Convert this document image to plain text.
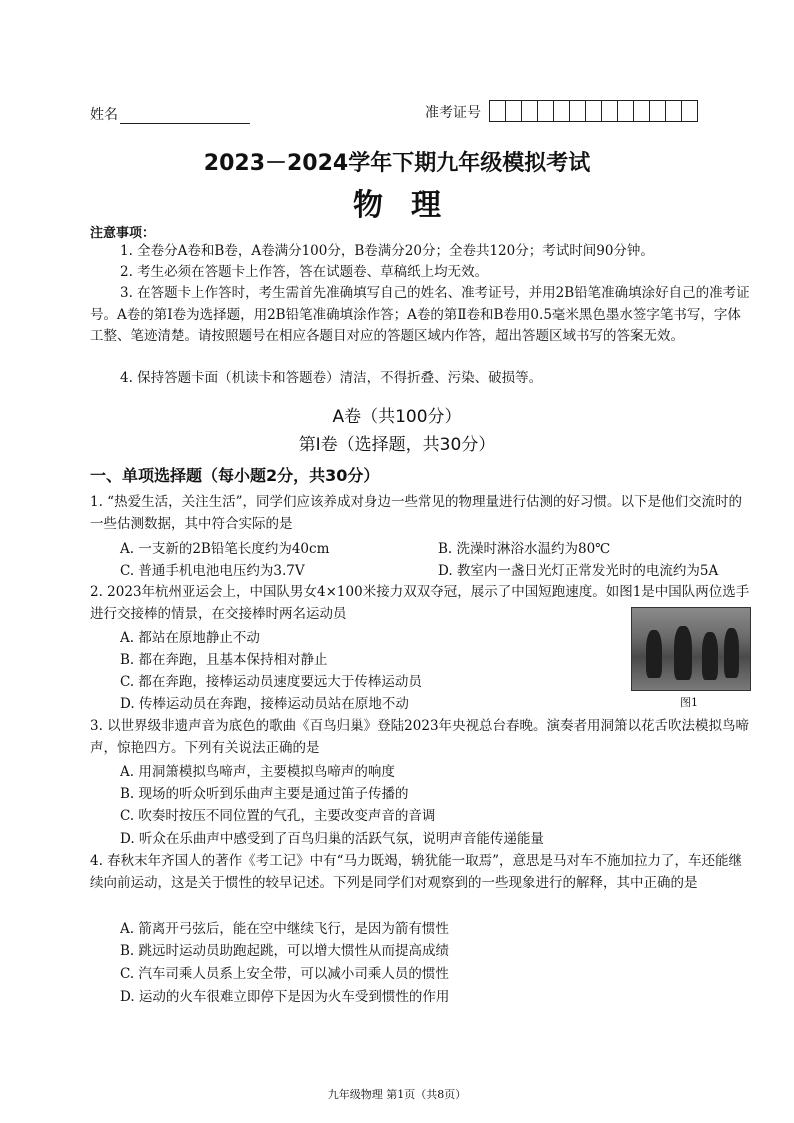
姓名	准考证号
2023－2024学年下期九年级模拟考试
物理
注意事项：
1. 全卷分A卷和B卷，A卷满分100分，B卷满分20分；全卷共120分；考试时间90分钟。
2. 考生必须在答题卡上作答，答在试题卷、草稿纸上均无效。
3. 在答题卡上作答时，考生需首先准确填写自己的姓名、准考证号，并用2B铅笔准确填涂好自己的准考证号。A卷的第Ⅰ卷为选择题，用2B铅笔准确填涂作答；A卷的第Ⅱ卷和B卷用0.5毫米黑色墨水签字笔书写，字体工整、笔迹清楚。请按照题号在相应各题目对应的答题区域内作答，超出答题区域书写的答案无效。
4. 保持答题卡面（机读卡和答题卷）清洁，不得折叠、污染、破损等。
A卷（共100分）
第Ⅰ卷（选择题，共30分）
一、单项选择题（每小题2分，共30分）
1. “热爱生活，关注生活”，同学们应该养成对身边一些常见的物理量进行估测的好习惯。以下是他们交流时的一些估测数据，其中符合实际的是
A. 一支新的2B铅笔长度约为40cm	B. 洗澡时淋浴水温约为80℃
C. 普通手机电池电压约为3.7V	D. 教室内一盏日光灯正常发光时的电流约为5A
2. 2023年杭州亚运会上，中国队男女4×100米接力双双夺冠，展示了中国短跑速度。如图1是中国队两位选手进行交接棒的情景，在交接棒时两名运动员
A. 都站在原地静止不动
B. 都在奔跑，且基本保持相对静止
C. 都在奔跑，接棒运动员速度要远大于传棒运动员
D. 传棒运动员在奔跑，接棒运动员站在原地不动	图1
3. 以世界级非遗声音为底色的歌曲《百鸟归巢》登陆2023年央视总台春晚。演奏者用洞箫以花舌吹法模拟鸟啼声，惊艳四方。下列有关说法正确的是
A. 用洞箫模拟鸟啼声，主要模拟鸟啼声的响度
B. 现场的听众听到乐曲声主要是通过笛子传播的
C. 吹奏时按压不同位置的气孔，主要改变声音的音调
D. 听众在乐曲声中感受到了百鸟归巢的活跃气氛，说明声音能传递能量
4. 春秋末年齐国人的著作《考工记》中有“马力既竭，辀犹能一取焉”，意思是马对车不施加拉力了，车还能继续向前运动，这是关于惯性的较早记述。下列是同学们对观察到的一些现象进行的解释，其中正确的是
A. 箭离开弓弦后，能在空中继续飞行，是因为箭有惯性
B. 跳远时运动员助跑起跳，可以增大惯性从而提高成绩
C. 汽车司乘人员系上安全带，可以减小司乘人员的惯性
D. 运动的火车很难立即停下是因为火车受到惯性的作用
九年级物理 第1页（共8页）
